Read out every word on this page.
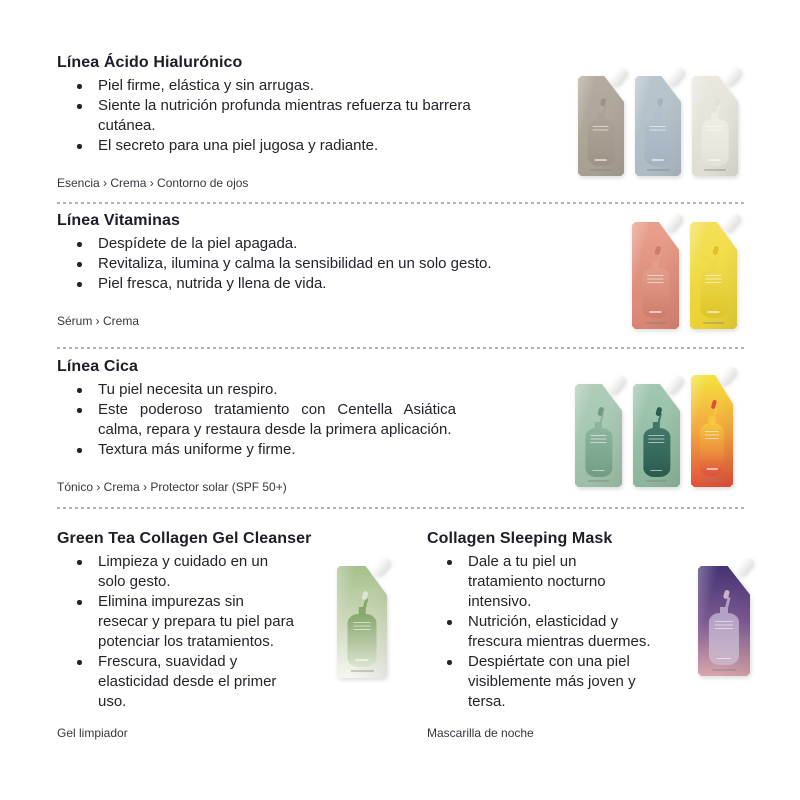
Línea Ácido Hialurónico
Piel firme, elástica y sin arrugas.
Siente la nutrición profunda mientras refuerza tu barrera cutánea.
El secreto para una piel jugosa y radiante.
Esencia › Crema › Contorno de ojos
Línea Vitaminas
Despídete de la piel apagada.
Revitaliza, ilumina y calma la sensibilidad en un solo gesto.
Piel fresca, nutrida y llena de vida.
Sérum › Crema
Línea Cica
Tu piel necesita un respiro.
Este poderoso tratamiento con Centella Asiática calma, repara y restaura desde la primera aplicación.
Textura más uniforme y firme.
Tónico › Crema › Protector solar (SPF 50+)
Green Tea Collagen Gel Cleanser
Limpieza y cuidado en un solo gesto.
Elimina impurezas sin resecar y prepara tu piel para potenciar los tratamientos.
Frescura, suavidad y elasticidad desde el primer uso.
Gel limpiador
Collagen Sleeping Mask
Dale a tu piel un tratamiento nocturno intensivo.
Nutrición, elasticidad y frescura mientras duermes.
Despiértate con una piel visiblemente más joven y tersa.
Mascarilla de noche
